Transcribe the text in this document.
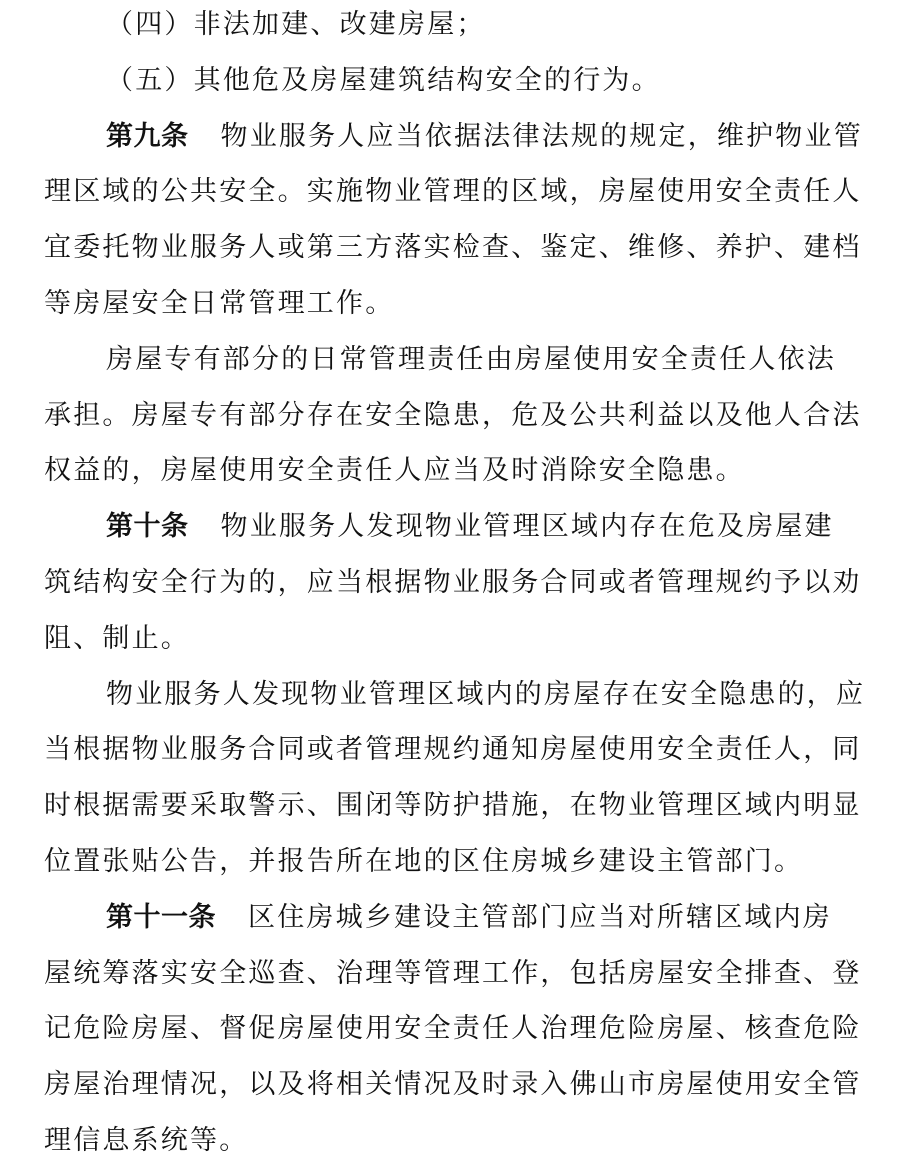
（四）非法加建、改建房屋；
（五）其他危及房屋建筑结构安全的行为。
第九条 物业服务人应当依据法律法规的规定，维护物业管
理区域的公共安全。实施物业管理的区域，房屋使用安全责任人
宜委托物业服务人或第三方落实检查、鉴定、维修、养护、建档
等房屋安全日常管理工作。
房屋专有部分的日常管理责任由房屋使用安全责任人依法
承担。房屋专有部分存在安全隐患，危及公共利益以及他人合法
权益的，房屋使用安全责任人应当及时消除安全隐患。
第十条 物业服务人发现物业管理区域内存在危及房屋建
筑结构安全行为的，应当根据物业服务合同或者管理规约予以劝
阻、制止。
物业服务人发现物业管理区域内的房屋存在安全隐患的，应
当根据物业服务合同或者管理规约通知房屋使用安全责任人，同
时根据需要采取警示、围闭等防护措施，在物业管理区域内明显
位置张贴公告，并报告所在地的区住房城乡建设主管部门。
第十一条 区住房城乡建设主管部门应当对所辖区域内房
屋统筹落实安全巡查、治理等管理工作，包括房屋安全排查、登
记危险房屋、督促房屋使用安全责任人治理危险房屋、核查危险
房屋治理情况，以及将相关情况及时录入佛山市房屋使用安全管
理信息系统等。
